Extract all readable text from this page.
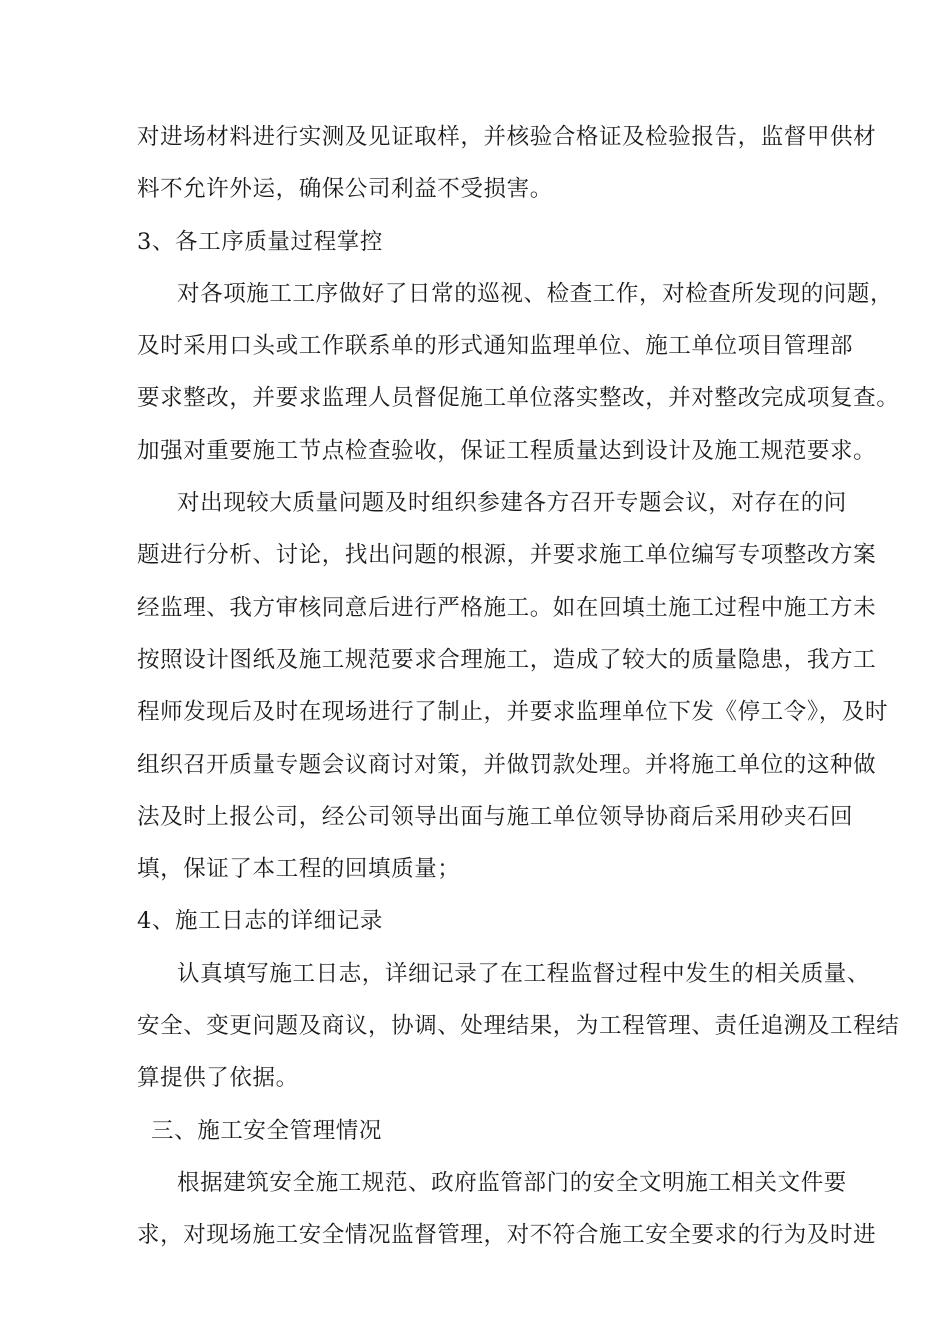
对进场材料进行实测及见证取样，并核验合格证及检验报告，监督甲供材
料不允许外运，确保公司利益不受损害。
3、各工序质量过程掌控
对各项施工工序做好了日常的巡视、检查工作，对检查所发现的问题，
及时采用口头或工作联系单的形式通知监理单位、施工单位项目管理部
要求整改，并要求监理人员督促施工单位落实整改，并对整改完成项复查。
加强对重要施工节点检查验收，保证工程质量达到设计及施工规范要求。
对出现较大质量问题及时组织参建各方召开专题会议，对存在的问
题进行分析、讨论，找出问题的根源，并要求施工单位编写专项整改方案
经监理、我方审核同意后进行严格施工。如在回填土施工过程中施工方未
按照设计图纸及施工规范要求合理施工，造成了较大的质量隐患，我方工
程师发现后及时在现场进行了制止，并要求监理单位下发《停工令》，及时
组织召开质量专题会议商讨对策，并做罚款处理。并将施工单位的这种做
法及时上报公司，经公司领导出面与施工单位领导协商后采用砂夹石回
填，保证了本工程的回填质量；
4、施工日志的详细记录
认真填写施工日志，详细记录了在工程监督过程中发生的相关质量、
安全、变更问题及商议，协调、处理结果，为工程管理、责任追溯及工程结
算提供了依据。
三、施工安全管理情况
根据建筑安全施工规范、政府监管部门的安全文明施工相关文件要
求，对现场施工安全情况监督管理，对不符合施工安全要求的行为及时进
